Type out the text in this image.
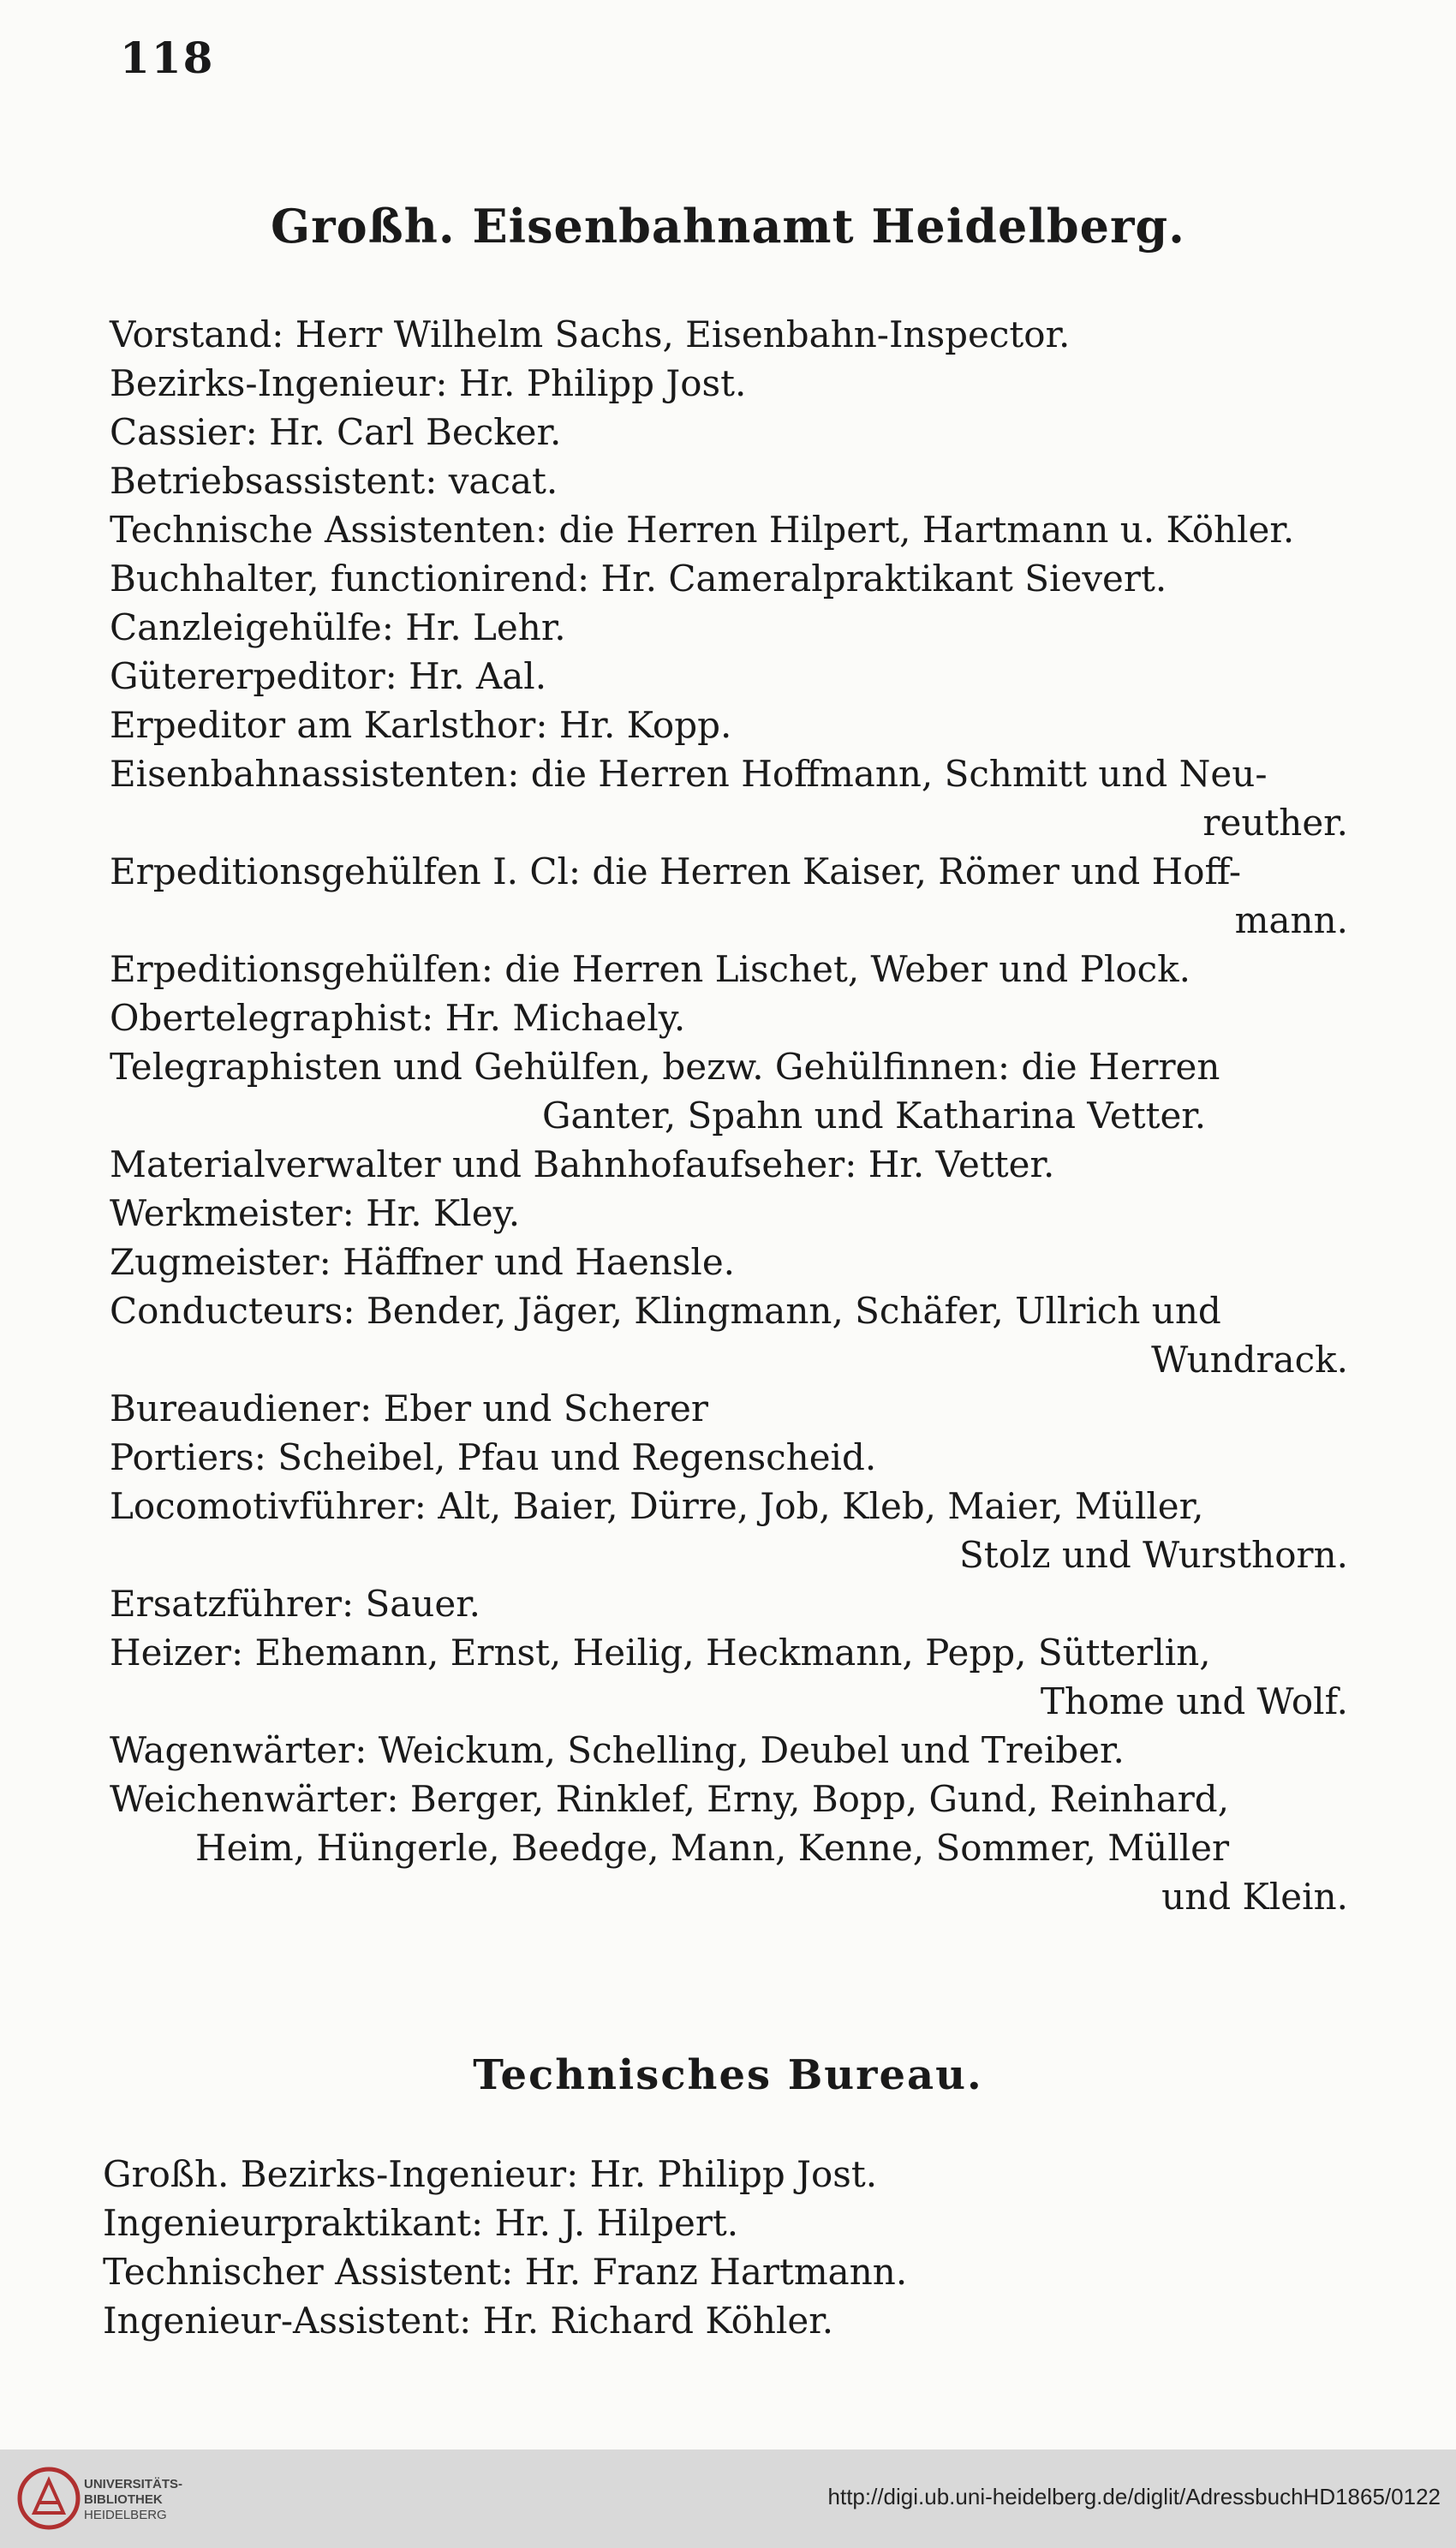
118
Großh. Eisenbahnamt Heidelberg.
Vorstand: Herr Wilhelm Sachs, Eisenbahn-Inspector.
Bezirks-Ingenieur: Hr. Philipp Jost.
Cassier: Hr. Carl Becker.
Betriebsassistent: vacat.
Technische Assistenten: die Herren Hilpert, Hartmann u. Köhler.
Buchhalter, functionirend: Hr. Cameralpraktikant Sievert.
Canzleigehülfe: Hr. Lehr.
Gütererpeditor: Hr. Aal.
Erpeditor am Karlsthor: Hr. Kopp.
Eisenbahnassistenten: die Herren Hoffmann, Schmitt und Neu-
reuther.
Erpeditionsgehülfen I. Cl: die Herren Kaiser, Römer und Hoff-
mann.
Erpeditionsgehülfen: die Herren Lischet, Weber und Plock.
Obertelegraphist: Hr. Michaely.
Telegraphisten und Gehülfen, bezw. Gehülfinnen: die Herren
Ganter, Spahn und Katharina Vetter.
Materialverwalter und Bahnhofaufseher: Hr. Vetter.
Werkmeister: Hr. Kley.
Zugmeister: Häffner und Haensle.
Conducteurs: Bender, Jäger, Klingmann, Schäfer, Ullrich und
Wundrack.
Bureaudiener: Eber und Scherer
Portiers: Scheibel, Pfau und Regenscheid.
Locomotivführer: Alt, Baier, Dürre, Job, Kleb, Maier, Müller,
Stolz und Wursthorn.
Ersatzführer: Sauer.
Heizer: Ehemann, Ernst, Heilig, Heckmann, Pepp, Sütterlin,
Thome und Wolf.
Wagenwärter: Weickum, Schelling, Deubel und Treiber.
Weichenwärter: Berger, Rinklef, Erny, Bopp, Gund, Reinhard,
Heim, Hüngerle, Beedge, Mann, Kenne, Sommer, Müller
und Klein.
Technisches Bureau.
Großh. Bezirks-Ingenieur: Hr. Philipp Jost.
Ingenieurpraktikant: Hr. J. Hilpert.
Technischer Assistent: Hr. Franz Hartmann.
Ingenieur-Assistent: Hr. Richard Köhler.
UNIVERSITÄTS-
BIBLIOTHEK
HEIDELBERG
http://digi.ub.uni-heidelberg.de/diglit/AdressbuchHD1865/0122
